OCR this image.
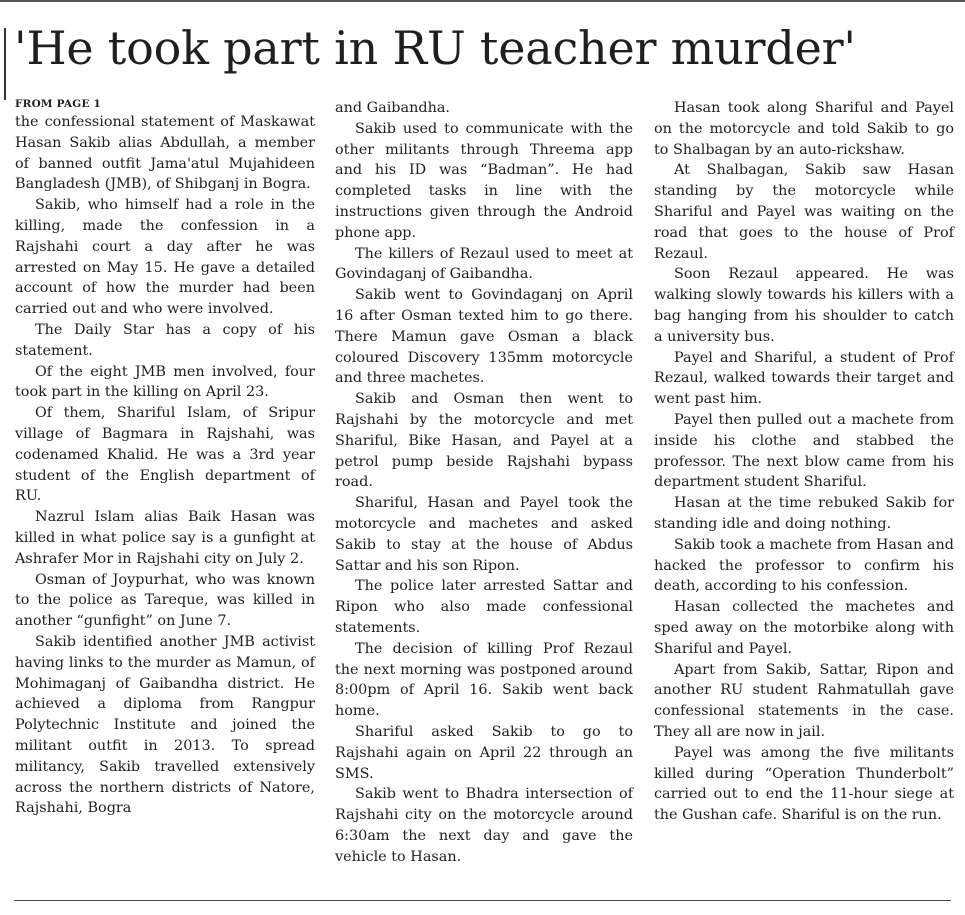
'He took part in RU teacher murder'
FROM PAGE 1

the confessional statement of Maskawat Hasan Sakib alias Abdullah, a member of banned outfit Jama'atul Mujahideen Bangladesh (JMB), of Shibganj in Bogra.

Sakib, who himself had a role in the killing, made the confession in a Rajshahi court a day after he was arrested on May 15. He gave a detailed account of how the murder had been carried out and who were involved.

The Daily Star has a copy of his statement.

Of the eight JMB men involved, four took part in the killing on April 23.

Of them, Shariful Islam, of Sripur village of Bagmara in Rajshahi, was codenamed Khalid. He was a 3rd year student of the English department of RU.

Nazrul Islam alias Baik Hasan was killed in what police say is a gunfight at Ashrafer Mor in Rajshahi city on July 2.

Osman of Joypurhat, who was known to the police as Tareque, was killed in another “gunfight” on June 7.

Sakib identified another JMB activist having links to the murder as Mamun, of Mohimaganj of Gaibandha district. He achieved a diploma from Rangpur Polytechnic Institute and joined the militant outfit in 2013. To spread militancy, Sakib travelled extensively across the northern districts of Natore, Rajshahi, Bogra

and Gaibandha.

Sakib used to communicate with the other militants through Threema app and his ID was “Badman”. He had completed tasks in line with the instructions given through the Android phone app.

The killers of Rezaul used to meet at Govindaganj of Gaibandha.

Sakib went to Govindaganj on April 16 after Osman texted him to go there. There Mamun gave Osman a black coloured Discovery 135mm motorcycle and three machetes.

Sakib and Osman then went to Rajshahi by the motorcycle and met Shariful, Bike Hasan, and Payel at a petrol pump beside Rajshahi bypass road.

Shariful, Hasan and Payel took the motorcycle and machetes and asked Sakib to stay at the house of Abdus Sattar and his son Ripon.

The police later arrested Sattar and Ripon who also made confessional statements.

The decision of killing Prof Rezaul the next morning was postponed around 8:00pm of April 16. Sakib went back home.

Shariful asked Sakib to go to Rajshahi again on April 22 through an SMS.

Sakib went to Bhadra intersection of Rajshahi city on the motorcycle around 6:30am the next day and gave the vehicle to Hasan.

Hasan took along Shariful and Payel on the motorcycle and told Sakib to go to Shalbagan by an auto-rickshaw.

At Shalbagan, Sakib saw Hasan standing by the motorcycle while Shariful and Payel was waiting on the road that goes to the house of Prof Rezaul.

Soon Rezaul appeared. He was walking slowly towards his killers with a bag hanging from his shoulder to catch a university bus.

Payel and Shariful, a student of Prof Rezaul, walked towards their target and went past him.

Payel then pulled out a machete from inside his clothe and stabbed the professor. The next blow came from his department student Shariful.

Hasan at the time rebuked Sakib for standing idle and doing nothing.

Sakib took a machete from Hasan and hacked the professor to confirm his death, according to his confession.

Hasan collected the machetes and sped away on the motorbike along with Shariful and Payel.

Apart from Sakib, Sattar, Ripon and another RU student Rahmatullah gave confessional statements in the case. They all are now in jail.

Payel was among the five militants killed during “Operation Thunderbolt” carried out to end the 11-hour siege at the Gushan cafe. Shariful is on the run.
